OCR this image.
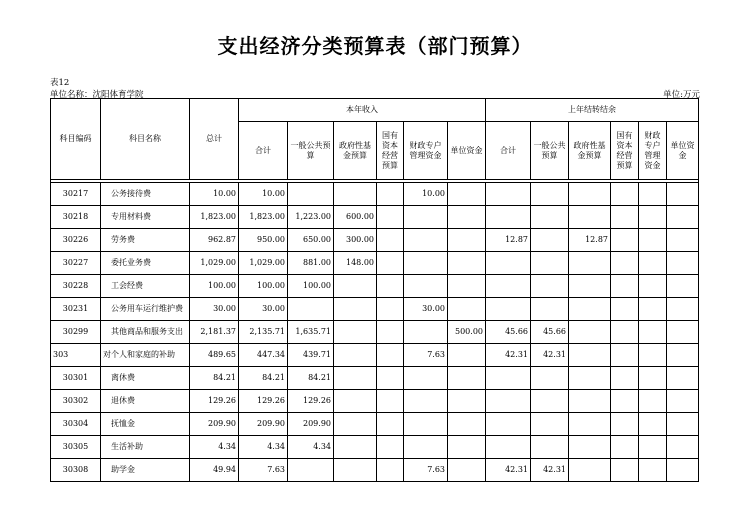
支出经济分类预算表（部门预算）
表12
单位名称：沈阳体育学院	单位:万元
科目编码	科目名称	总计	本年收入						上年结转结余					
			合计	一般公共预算	政府性基金预算	国有资本经营预算	财政专户管理资金	单位资金	合计	一般公共预算	政府性基金预算	国有资本经营预算	财政专户管理资金	单位资金

30217	公务接待费	10.00	10.00				10.00							
30218	专用材料费	1,823.00	1,823.00	1,223.00	600.00									
30226	劳务费	962.87	950.00	650.00	300.00				12.87		12.87			
30227	委托业务费	1,029.00	1,029.00	881.00	148.00									
30228	工会经费	100.00	100.00	100.00										
30231	公务用车运行维护费	30.00	30.00				30.00							
30299	其他商品和服务支出	2,181.37	2,135.71	1,635.71				500.00	45.66	45.66				
303	对个人和家庭的补助	489.65	447.34	439.71			7.63		42.31	42.31				
30301	离休费	84.21	84.21	84.21										
30302	退休费	129.26	129.26	129.26										
30304	抚恤金	209.90	209.90	209.90										
30305	生活补助	4.34	4.34	4.34										
30308	助学金	49.94	7.63				7.63		42.31	42.31				
